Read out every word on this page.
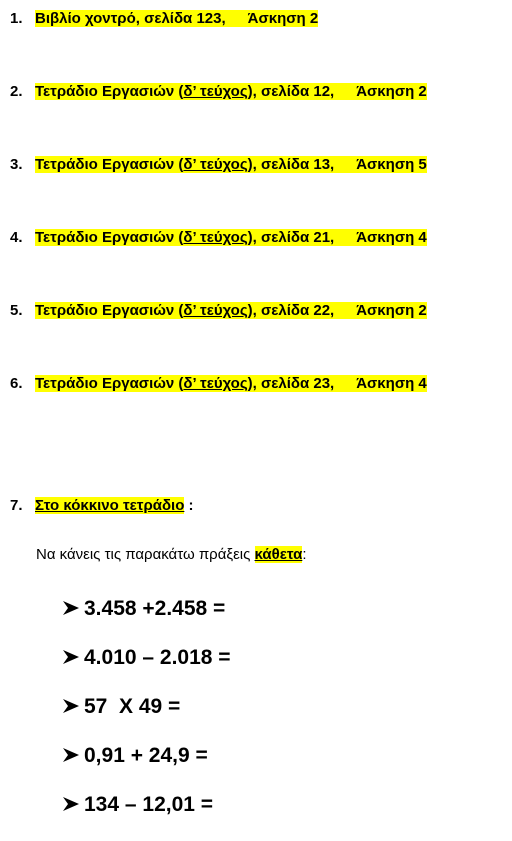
1. Βιβλίο χοντρό, σελίδα 123, Άσκηση 2
2. Τετράδιο Εργασιών (δ’ τεύχος), σελίδα 12, Άσκηση 2
3. Τετράδιο Εργασιών (δ’ τεύχος), σελίδα 13, Άσκηση 5
4. Τετράδιο Εργασιών (δ’ τεύχος), σελίδα 21, Άσκηση 4
5. Τετράδιο Εργασιών (δ’ τεύχος), σελίδα 22, Άσκηση 2
6. Τετράδιο Εργασιών (δ’ τεύχος), σελίδα 23, Άσκηση 4
7. Στο κόκκινο τετράδιο :
Να κάνεις τις παρακάτω πράξεις κάθετα:
3.458 +2.458 =
4.010 – 2.018 =
57  X 49 =
0,91 + 24,9 =
134 – 12,01 =
